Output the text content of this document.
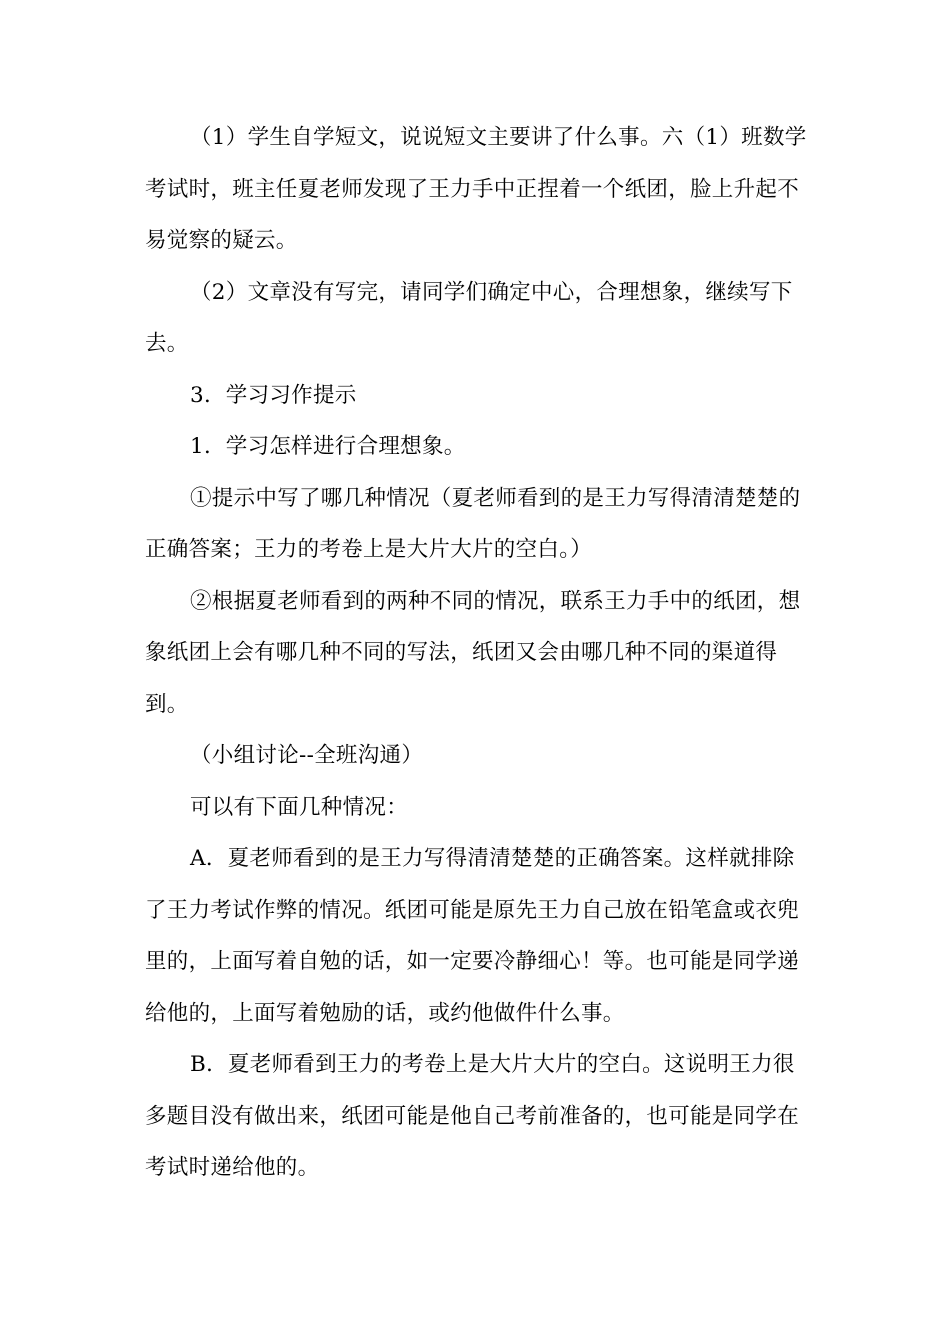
（1）学生自学短文，说说短文主要讲了什么事。六（1）班数学考试时，班主任夏老师发现了王力手中正捏着一个纸团，脸上升起不易觉察的疑云。

（2）文章没有写完，请同学们确定中心，合理想象，继续写下去。

3．学习习作提示

1．学习怎样进行合理想象。

①提示中写了哪几种情况（夏老师看到的是王力写得清清楚楚的正确答案；王力的考卷上是大片大片的空白。）

②根据夏老师看到的两种不同的情况，联系王力手中的纸团，想象纸团上会有哪几种不同的写法，纸团又会由哪几种不同的渠道得到。

（小组讨论--全班沟通）

可以有下面几种情况：

A．夏老师看到的是王力写得清清楚楚的正确答案。这样就排除了王力考试作弊的情况。纸团可能是原先王力自己放在铅笔盒或衣兜里的，上面写着自勉的话，如一定要冷静细心！等。也可能是同学递给他的，上面写着勉励的话，或约他做件什么事。

B．夏老师看到王力的考卷上是大片大片的空白。这说明王力很多题目没有做出来，纸团可能是他自己考前准备的，也可能是同学在考试时递给他的。
